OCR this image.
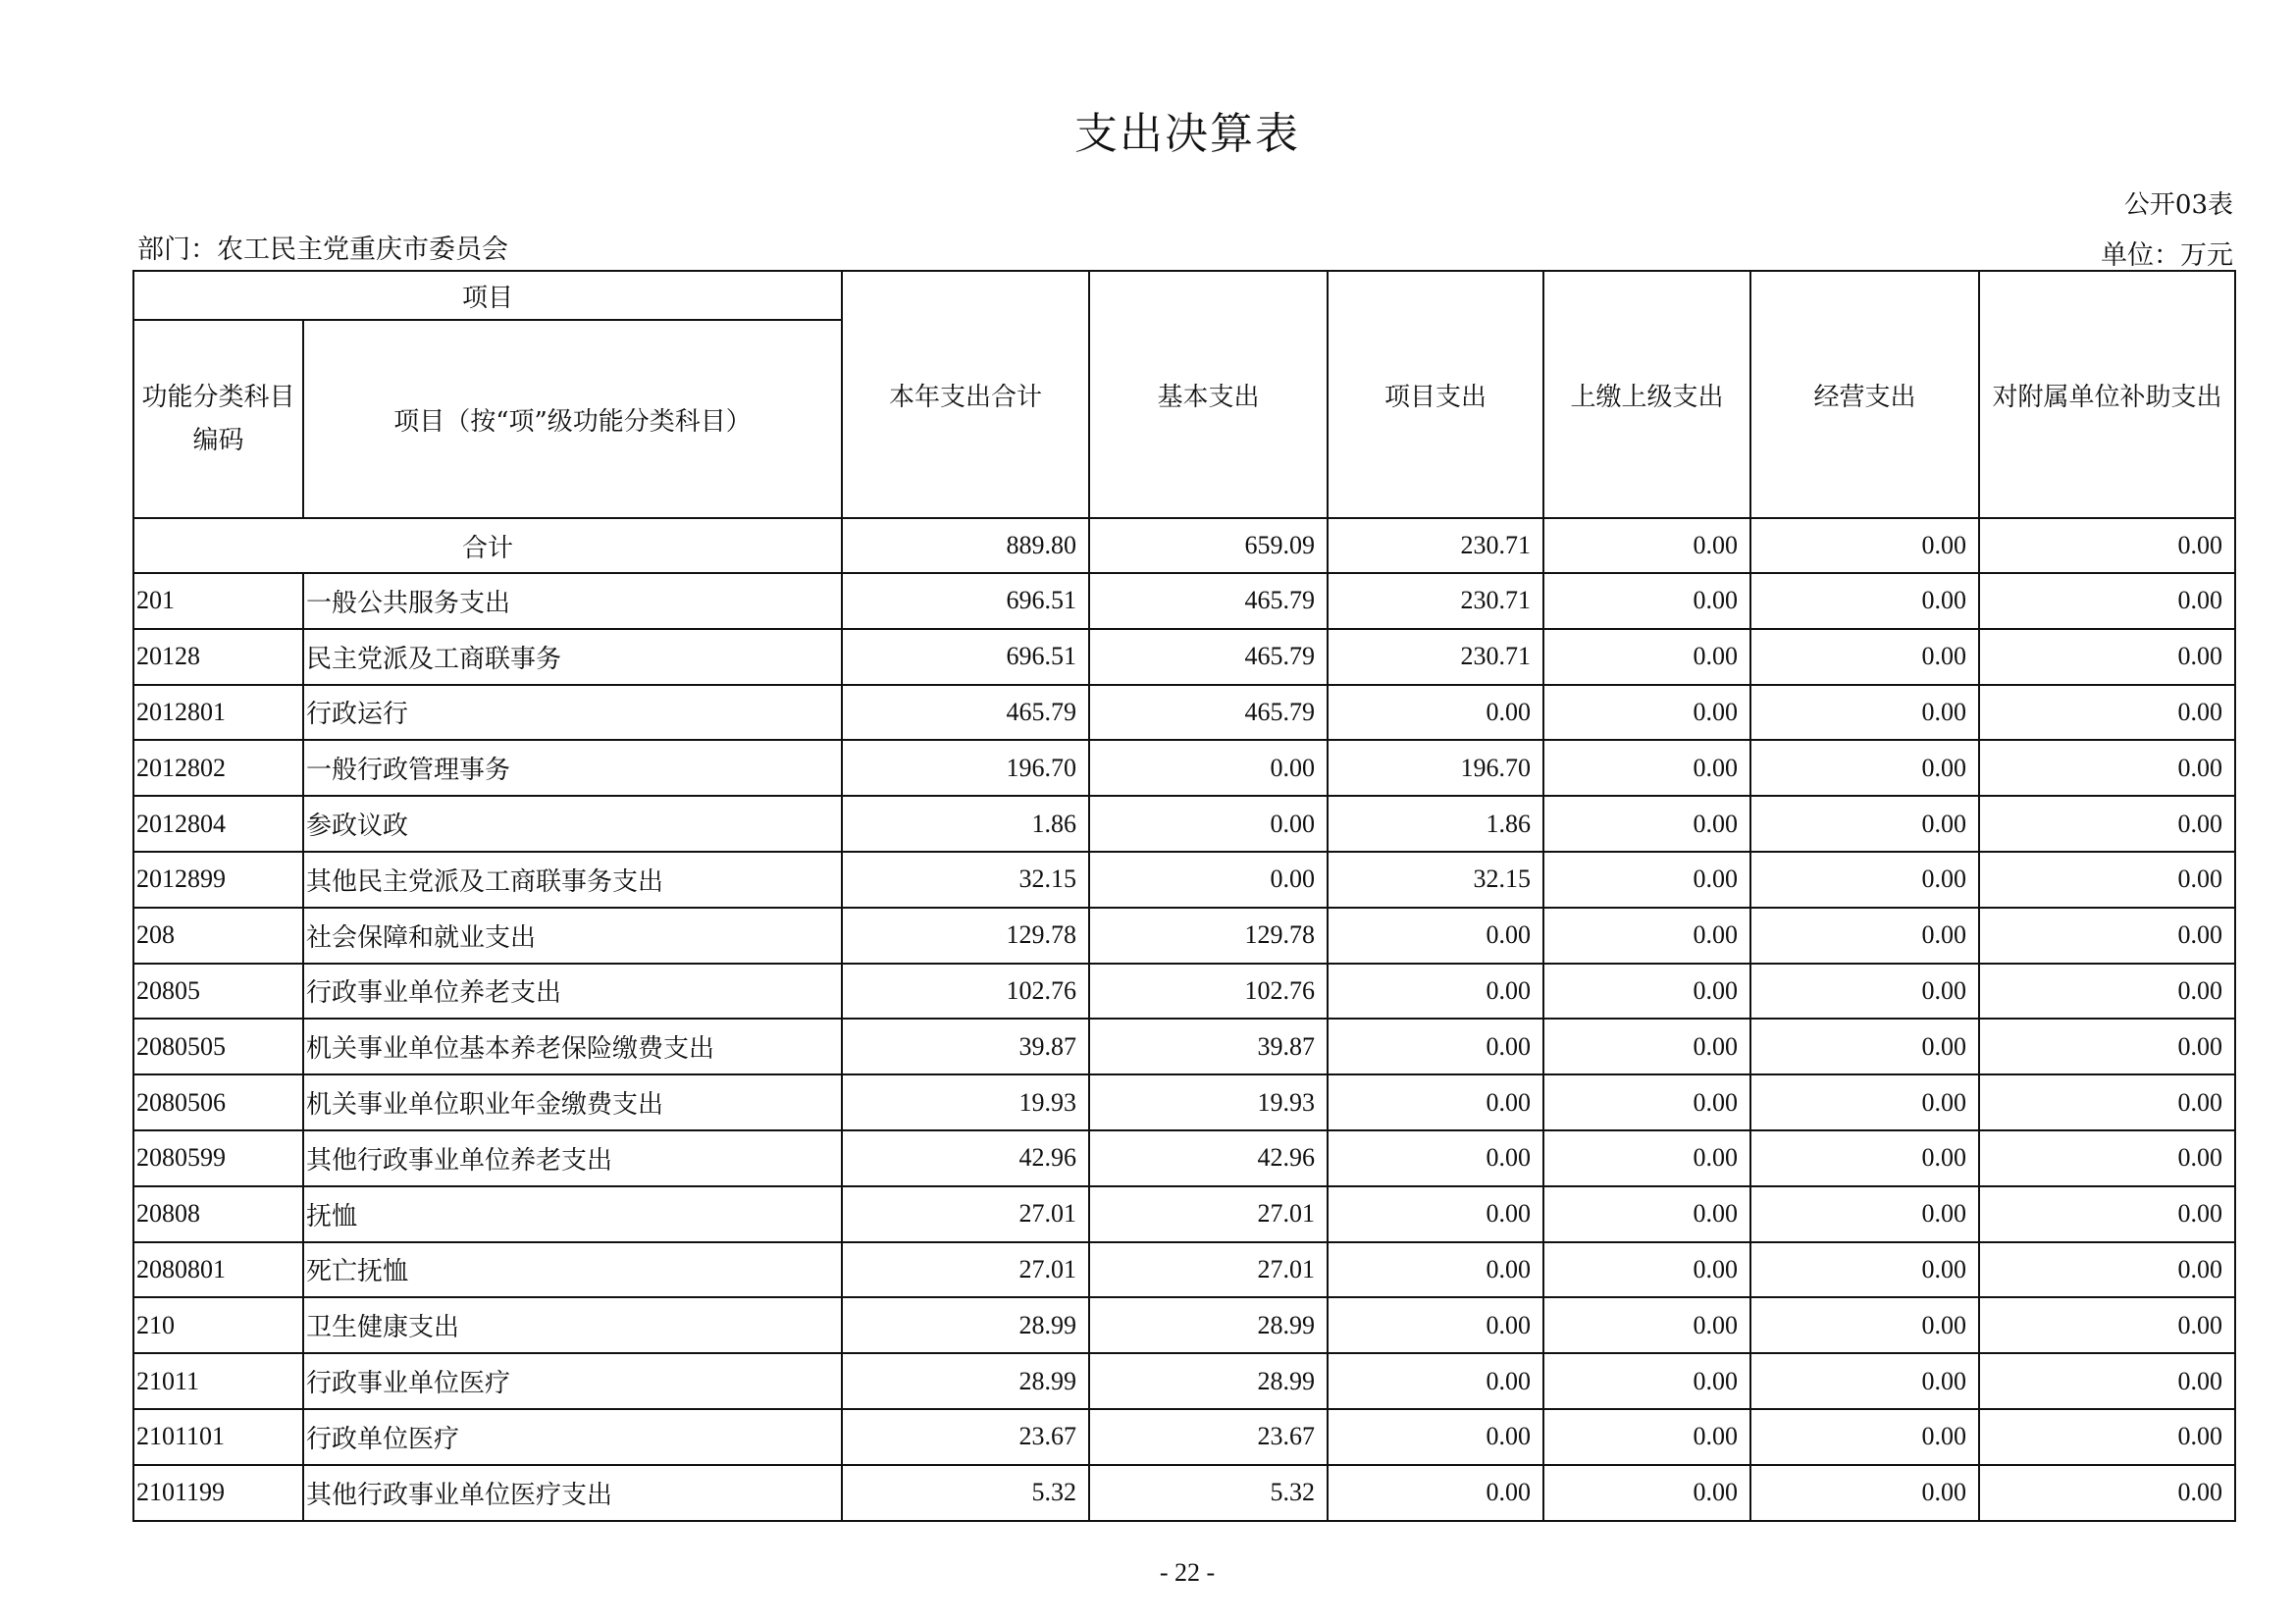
支出决算表
公开03表
部门：农工民主党重庆市委员会	单位：万元
项目		本年支出合计	基本支出	项目支出	上缴上级支出	经营支出	对附属单位补助支出
功能分类科目编码	项目（按“项”级功能分类科目）						
合计		889.80	659.09	230.71	0.00	0.00	0.00
201	一般公共服务支出	696.51	465.79	230.71	0.00	0.00	0.00
20128	民主党派及工商联事务	696.51	465.79	230.71	0.00	0.00	0.00
2012801	行政运行	465.79	465.79	0.00	0.00	0.00	0.00
2012802	一般行政管理事务	196.70	0.00	196.70	0.00	0.00	0.00
2012804	参政议政	1.86	0.00	1.86	0.00	0.00	0.00
2012899	其他民主党派及工商联事务支出	32.15	0.00	32.15	0.00	0.00	0.00
208	社会保障和就业支出	129.78	129.78	0.00	0.00	0.00	0.00
20805	行政事业单位养老支出	102.76	102.76	0.00	0.00	0.00	0.00
2080505	机关事业单位基本养老保险缴费支出	39.87	39.87	0.00	0.00	0.00	0.00
2080506	机关事业单位职业年金缴费支出	19.93	19.93	0.00	0.00	0.00	0.00
2080599	其他行政事业单位养老支出	42.96	42.96	0.00	0.00	0.00	0.00
20808	抚恤	27.01	27.01	0.00	0.00	0.00	0.00
2080801	死亡抚恤	27.01	27.01	0.00	0.00	0.00	0.00
210	卫生健康支出	28.99	28.99	0.00	0.00	0.00	0.00
21011	行政事业单位医疗	28.99	28.99	0.00	0.00	0.00	0.00
2101101	行政单位医疗	23.67	23.67	0.00	0.00	0.00	0.00
2101199	其他行政事业单位医疗支出	5.32	5.32	0.00	0.00	0.00	0.00
- 22 -
